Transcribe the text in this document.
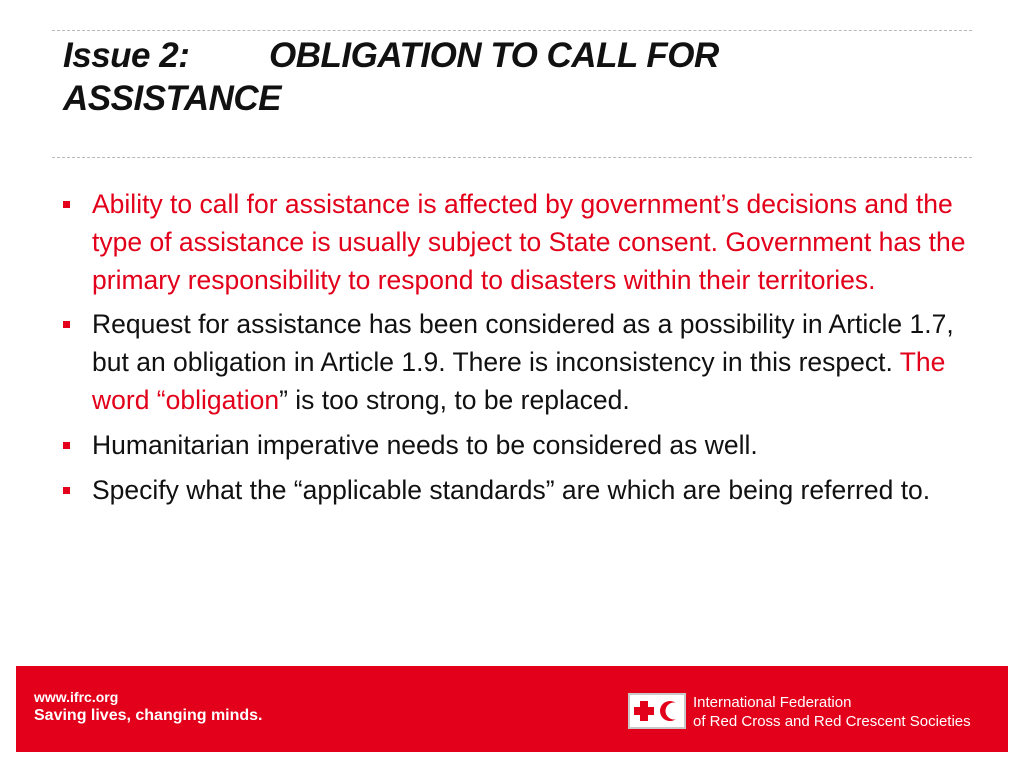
Issue 2: OBLIGATION TO CALL FOR
ASSISTANCE
Ability to call for assistance is affected by government’s decisions and the type of assistance is usually subject to State consent. Government has the primary responsibility to respond to disasters within their territories.
Request for assistance has been considered as a possibility in Article 1.7, but an obligation in Article 1.9. There is inconsistency in this respect. The word “obligation” is too strong, to be replaced.
Humanitarian imperative needs to be considered as well.
Specify what the “applicable standards” are which are being referred to.
www.ifrc.org
Saving lives, changing minds.
International Federation
of Red Cross and Red Crescent Societies
